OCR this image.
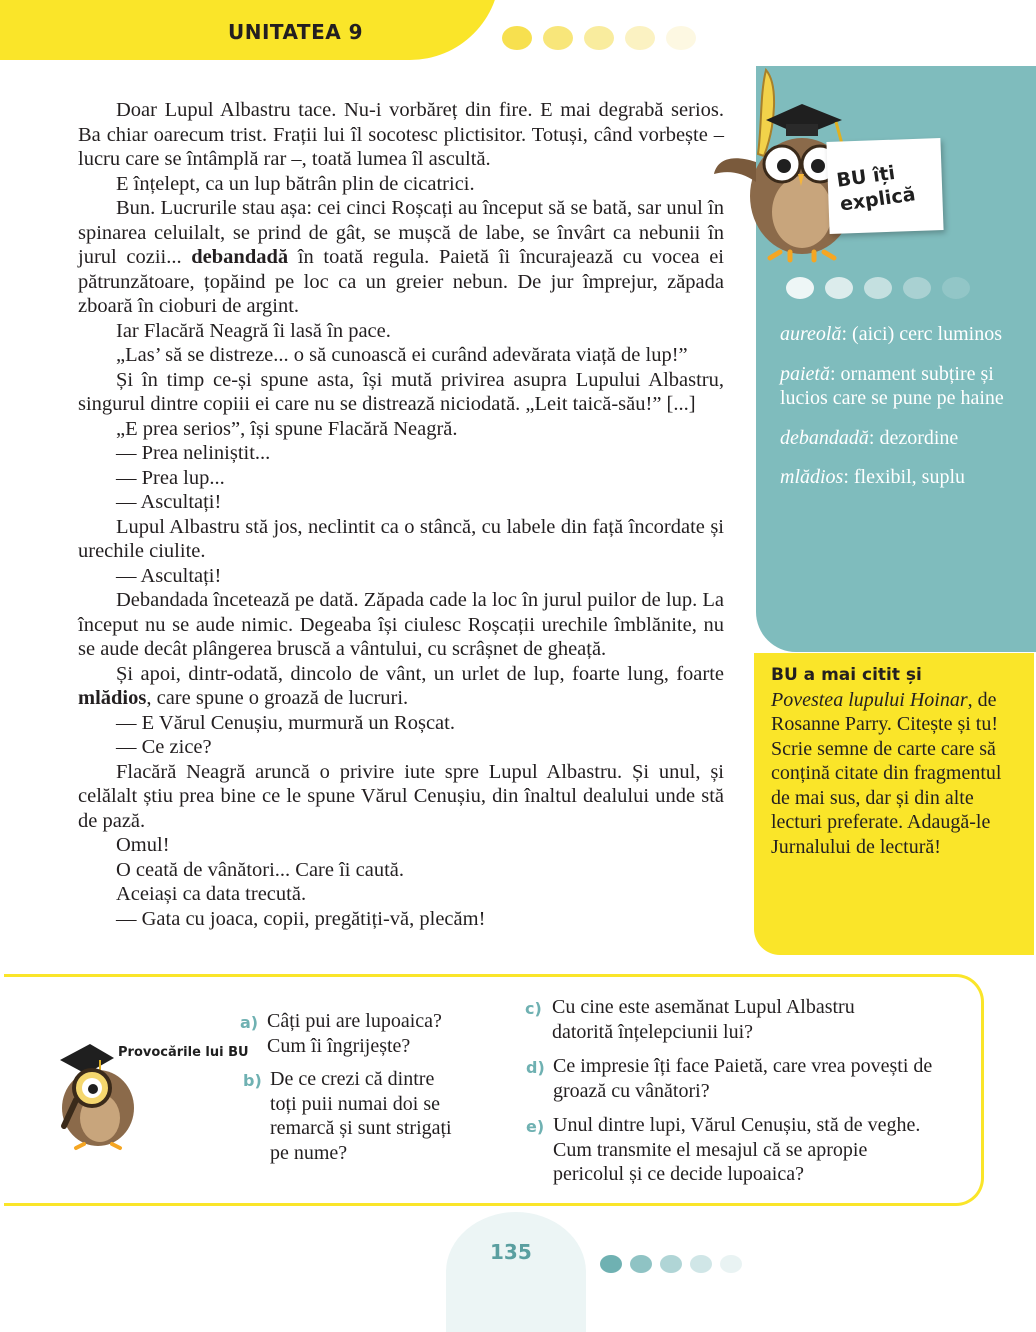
UNITATEA 9

Doar Lupul Albastru tace. Nu-i vorbăreț din fire. E mai degrabă serios. Ba chiar oarecum trist. Frații lui îl socotesc plictisitor. Totuși, când vorbește – lucru care se întâmplă rar –, toată lumea îl ascultă.

E înțelept, ca un lup bătrân plin de cicatrici.

Bun. Lucrurile stau așa: cei cinci Roșcați au început să se bată, sar unul în spinarea celuilalt, se prind de gât, se mușcă de labe, se învârt ca nebunii în jurul cozii... debandadă în toată regula. Paietă îi încurajează cu vocea ei pătrunzătoare, țopăind pe loc ca un greier nebun. De jur împrejur, zăpada zboară în cioburi de argint.

Iar Flacără Neagră îi lasă în pace.

„Las’ să se distreze... o să cunoască ei curând adevărata viață de lup!”

Și în timp ce-și spune asta, își mută privirea asupra Lupului Albastru, singurul dintre copiii ei care nu se distrează niciodată. „Leit taică-său!” [...]

„E prea serios”, își spune Flacără Neagră.

— Prea neliniștit...

— Prea lup...

— Ascultați!

Lupul Albastru stă jos, neclintit ca o stâncă, cu labele din față încordate și urechile ciulite.

— Ascultați!

Debandada încetează pe dată. Zăpada cade la loc în jurul puilor de lup. La început nu se aude nimic. Degeaba își ciulesc Roșcații urechile îmblănite, nu se aude decât plângerea bruscă a vântului, cu scrâșnet de gheață.

Și apoi, dintr-odată, dincolo de vânt, un urlet de lup, foarte lung, foarte mlădios, care spune o groază de lucruri.

— E Vărul Cenușiu, murmură un Roșcat.

— Ce zice?

Flacără Neagră aruncă o privire iute spre Lupul Albastru. Și unul, și celălalt știu prea bine ce le spune Vărul Cenușiu, din înaltul dealului unde stă de pază.

Omul!

O ceată de vânători... Care îi caută.

Aceiași ca data trecută.

— Gata cu joaca, copii, pregătiți-vă, plecăm!

BU îți explică
aureolă: (aici) cerc luminos
paietă: ornament subțire și lucios care se pune pe haine
debandadă: dezordine
mlădios: flexibil, suplu
BU a mai citit și
Povestea lupului Hoinar, de Rosanne Parry. Citește și tu! Scrie semne de carte care să conțină citate din fragmentul de mai sus, dar și din alte lecturi preferate. Adaugă-le Jurnalului de lectură!
Provocările lui BU
a) Câți pui are lupoaica? Cum îi îngrijește?
b) De ce crezi că dintre toți puii numai doi se remarcă și sunt strigați pe nume?
c) Cu cine este asemănat Lupul Albastru datorită înțelepciunii lui?
d) Ce impresie îți face Paietă, care vrea povești de groază cu vânători?
e) Unul dintre lupi, Vărul Cenușiu, stă de veghe. Cum transmite el mesajul că se apropie pericolul și ce decide lupoaica?
135
